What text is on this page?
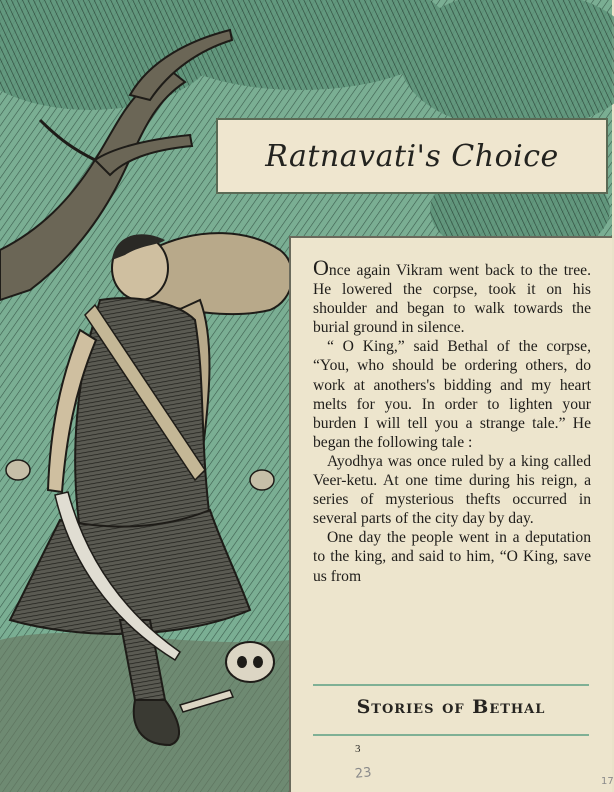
Ratnavati's Choice

Once again Vikram went back to the tree. He lowered the corpse, took it on his shoulder and began to walk towards the burial ground in silence.

“ O King,” said Bethal of the corpse, “You, who should be ordering others, do work at anothers's bidding and my heart melts for you. In order to lighten your burden I will tell you a strange tale.” He began the following tale :

Ayodhya was once ruled by a king called Veer-ketu. At one time during his reign, a series of mysterious thefts occurred in several parts of the city day by day.

One day the people went in a deputation to the king, and said to him, “O King, save us from

Stories of Bethal
3
23	17
